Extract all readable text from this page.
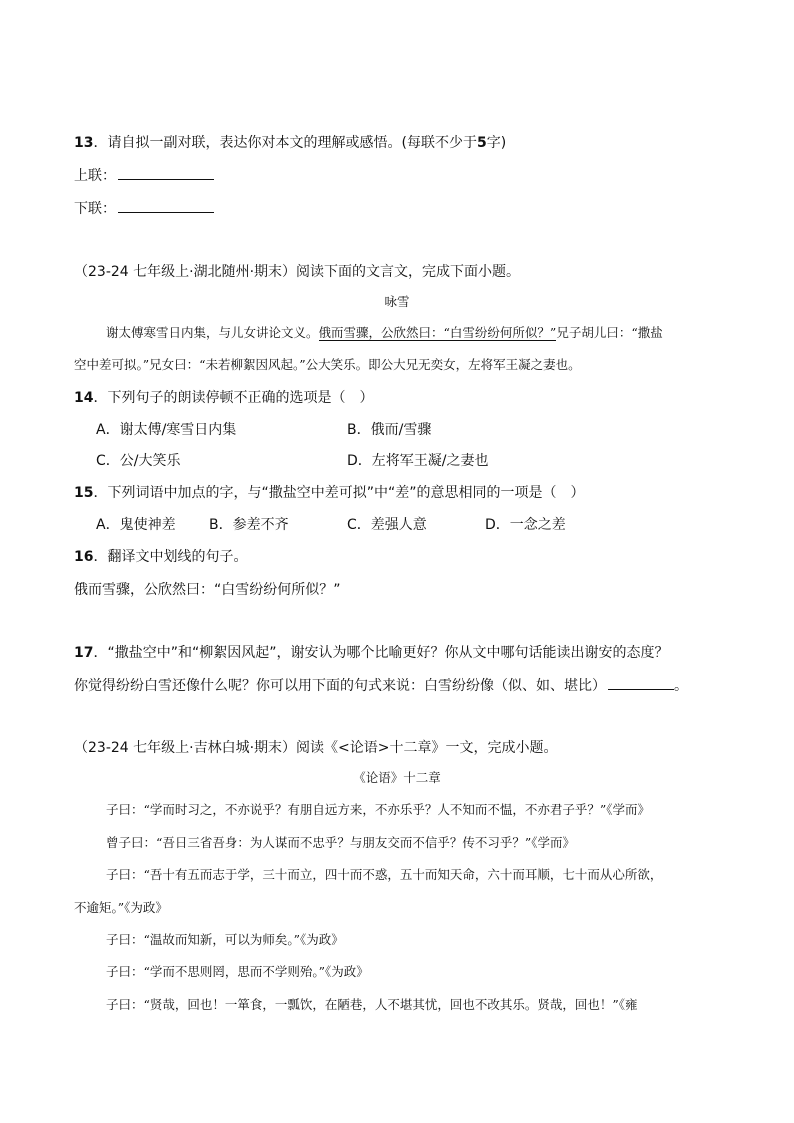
13．请自拟一副对联，表达你对本文的理解或感悟。(每联不少于5字)
上联：
下联：
（23-24 七年级上·湖北随州·期末）阅读下面的文言文，完成下面小题。
咏雪
谢太傅寒雪日内集，与儿女讲论文义。俄而雪骤，公欣然曰：“白雪纷纷何所似？”兄子胡儿曰：“撒盐
空中差可拟。”兄女曰：“未若柳絮因风起。”公大笑乐。即公大兄无奕女，左将军王凝之妻也。
14．下列句子的朗读停顿不正确的选项是（　）
A．谢太傅/寒雪日内集	B．俄而/雪骤
C．公/大笑乐	D．左将军王凝/之妻也
15．下列词语中加点的字，与“撒盐空中差可拟”中“差”的意思相同的一项是（　）
A．鬼使神差 B．参差不齐	C．差强人意	D．一念之差
16．翻译文中划线的句子。
俄而雪骤，公欣然曰：“白雪纷纷何所似？”
17．“撒盐空中”和“柳絮因风起”，谢安认为哪个比喻更好？你从文中哪句话能读出谢安的态度？
你觉得纷纷白雪还像什么呢？你可以用下面的句式来说：白雪纷纷像（似、如、堪比）	。
（23-24 七年级上·吉林白城·期末）阅读《<论语>十二章》一文，完成小题。
《论语》十二章
子曰：“学而时习之，不亦说乎？有朋自远方来，不亦乐乎？人不知而不愠，不亦君子乎？”《学而》
曾子曰：“吾日三省吾身：为人谋而不忠乎？与朋友交而不信乎？传不习乎？”《学而》
子曰：“吾十有五而志于学，三十而立，四十而不惑，五十而知天命，六十而耳顺，七十而从心所欲，
不逾矩。”《为政》
子曰：“温故而知新，可以为师矣。”《为政》
子曰：“学而不思则罔，思而不学则殆。”《为政》
子曰：“贤哉，回也！一箪食，一瓢饮，在陋巷，人不堪其忧，回也不改其乐。贤哉，回也！”《雍
